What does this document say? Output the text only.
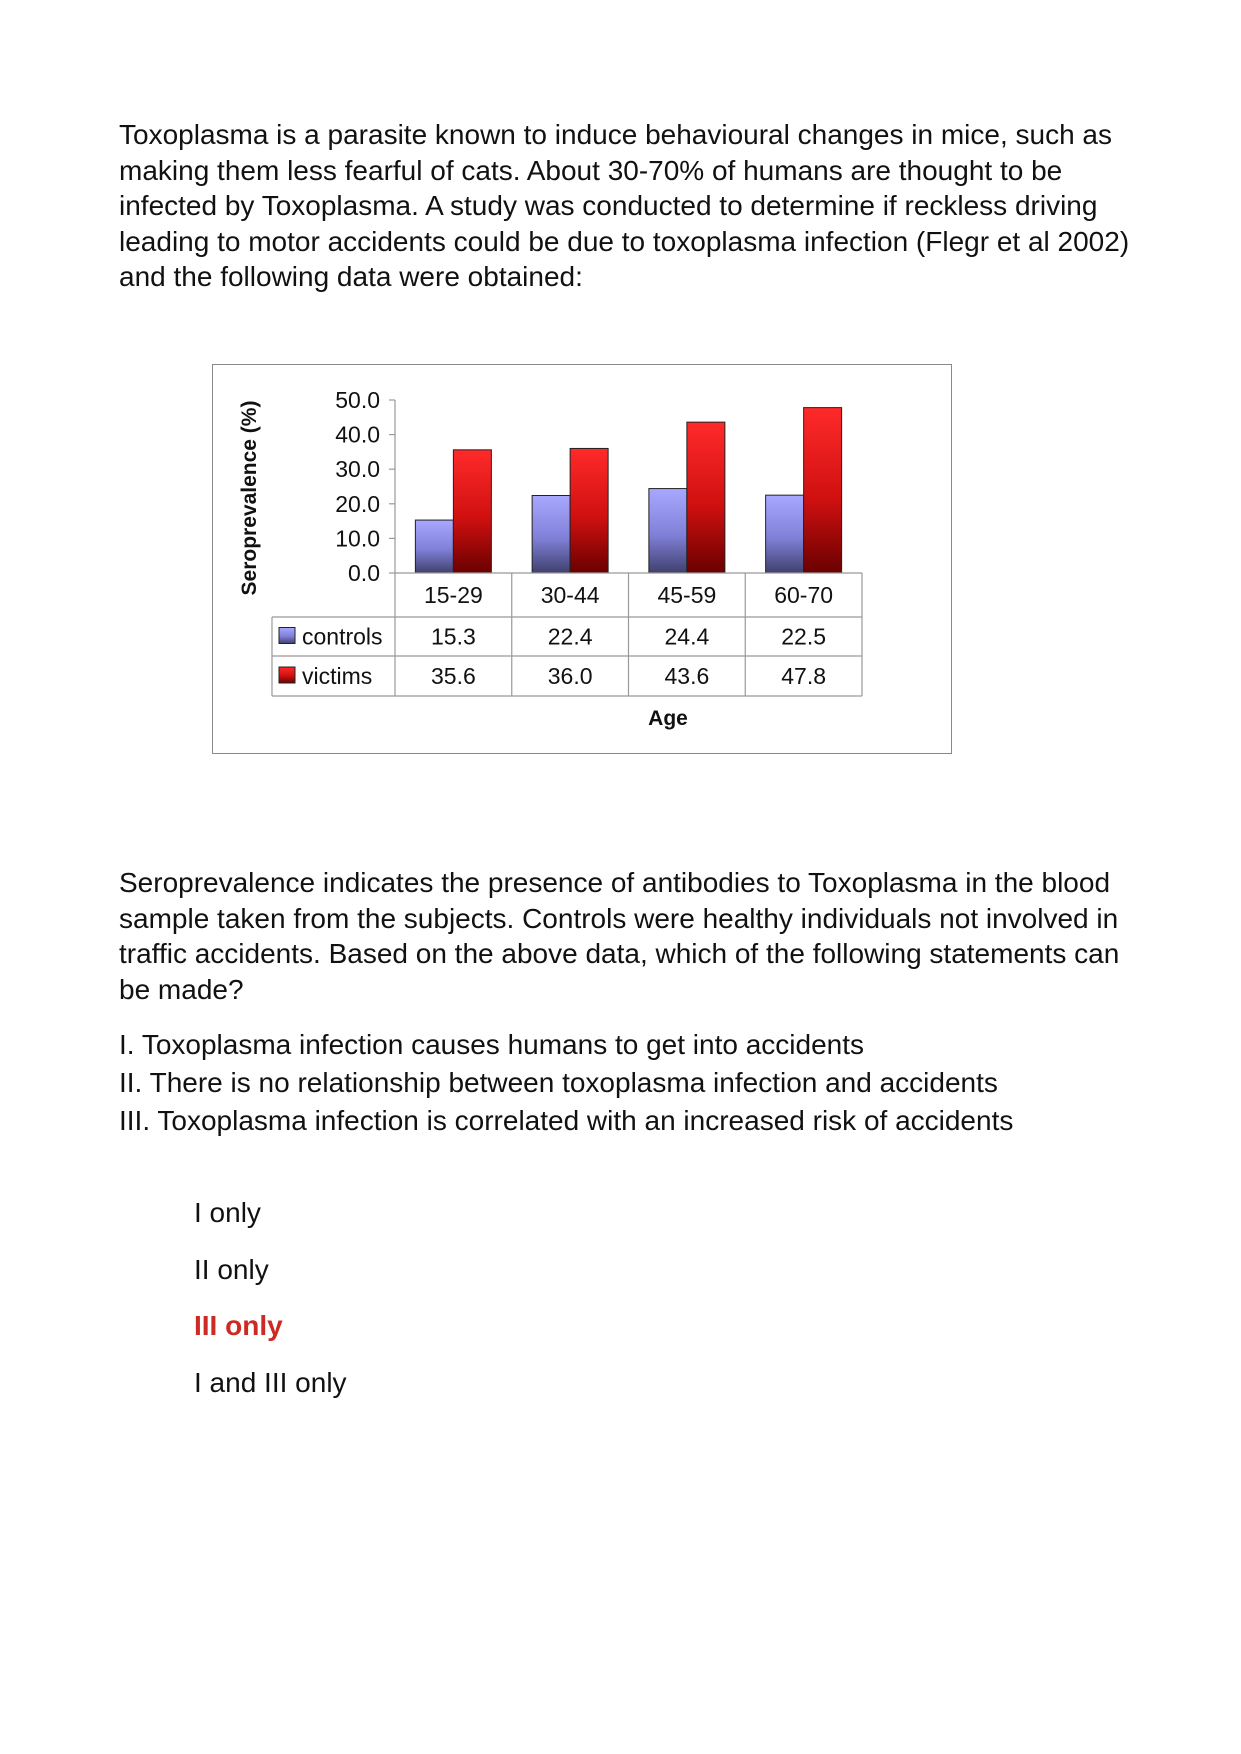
Toxoplasma is a parasite known to induce behavioural changes in mice, such as making them less fearful of cats. About 30-70% of humans are thought to be infected by Toxoplasma. A study was conducted to determine if reckless driving leading to motor accidents could be due to toxoplasma infection (Flegr et al 2002) and the following data were obtained:

Seroprevalence (%)
Age
50.0
40.0
30.0
20.0
10.0
0.0
15-29	30-44	45-59	60-70
controls 15.3	22.4	24.4	22.5
victims	35.6	36.0	43.6	47.8

Seroprevalence indicates the presence of antibodies to Toxoplasma in the blood sample taken from the subjects. Controls were healthy individuals not involved in traffic accidents. Based on the above data, which of the following statements can be made?

I. Toxoplasma infection causes humans to get into accidents
II. There is no relationship between toxoplasma infection and accidents
III. Toxoplasma infection is correlated with an increased risk of accidents
I only
II only
III only
I and III only
